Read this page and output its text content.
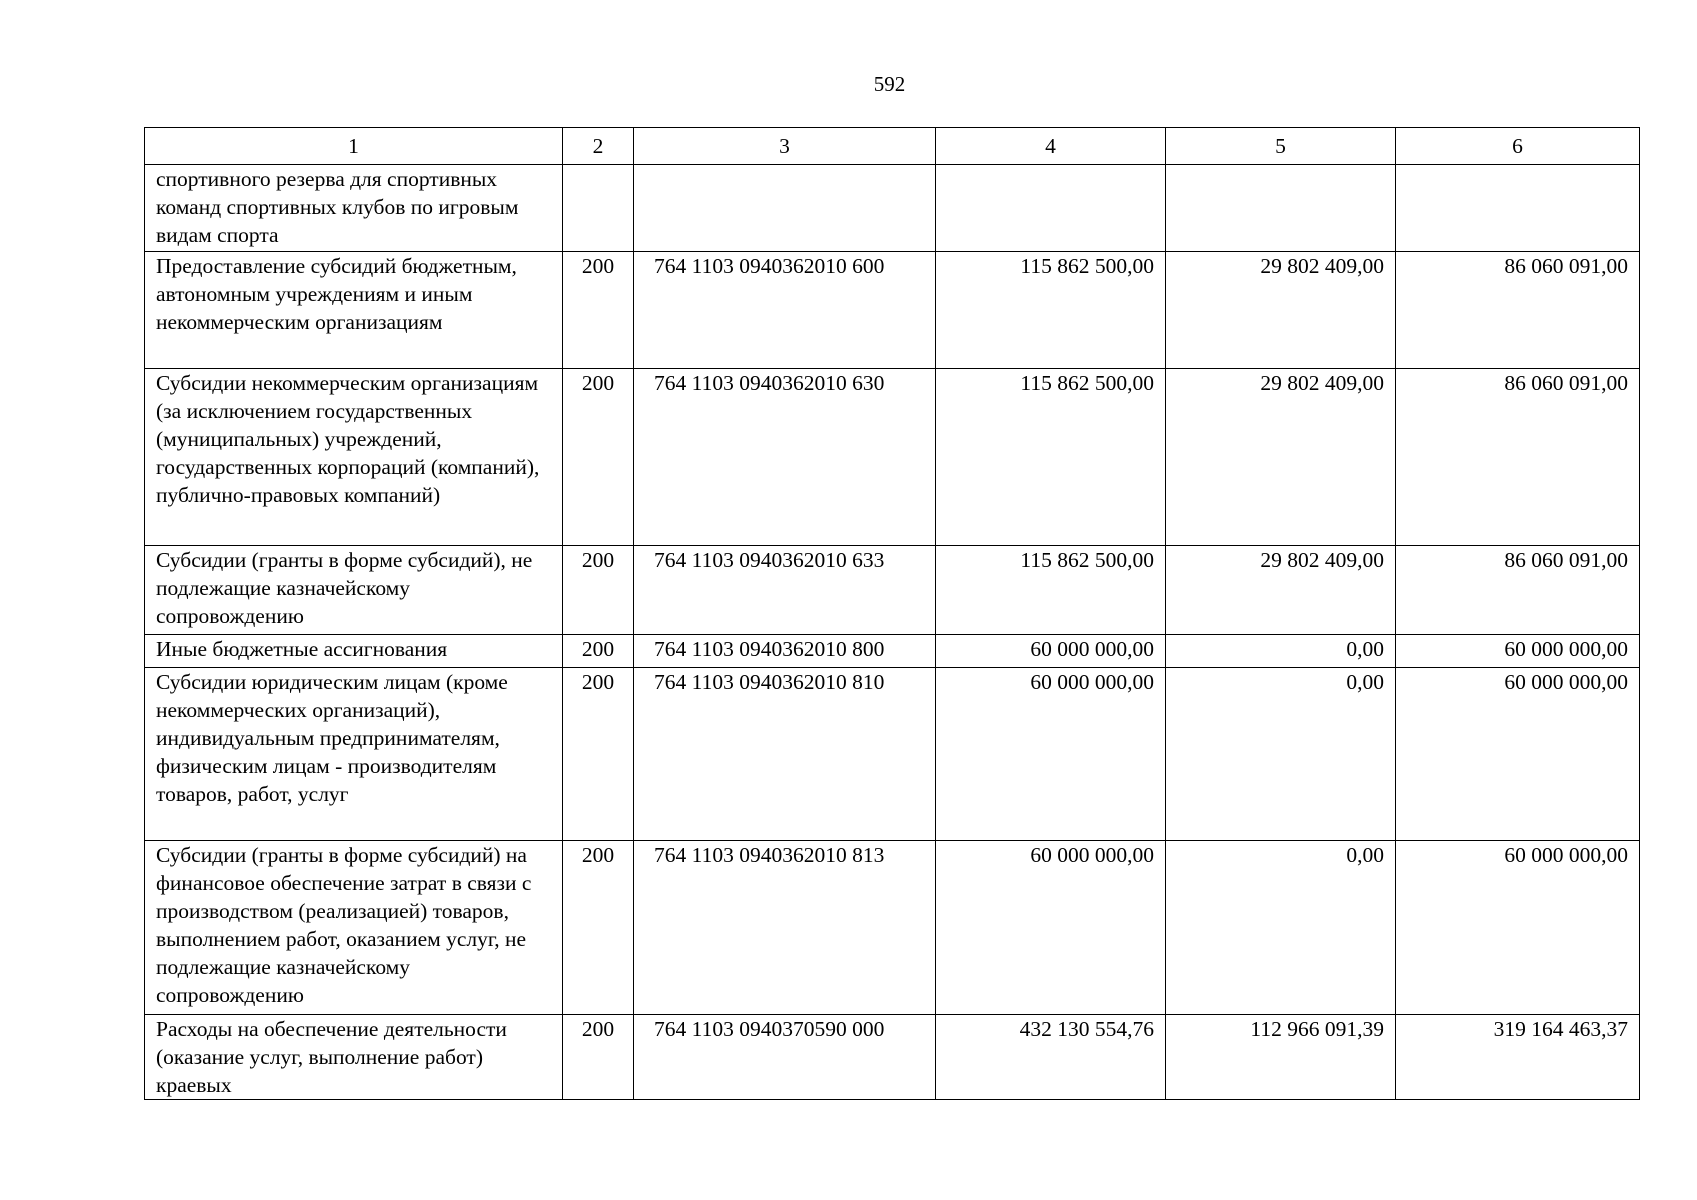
592
1	2	3	4	5	6
спортивного резерва для спортивных команд спортивных клубов по игровым видам спорта					
Предоставление субсидий бюджетным, автономным учреждениям и иным некоммерческим организациям	200	764 1103 0940362010 600	115 862 500,00	29 802 409,00	86 060 091,00
Субсидии некоммерческим организациям (за исключением государственных (муниципальных) учреждений, государственных корпораций (компаний), публично-правовых компаний)	200	764 1103 0940362010 630	115 862 500,00	29 802 409,00	86 060 091,00
Субсидии (гранты в форме субсидий), не подлежащие казначейскому сопровождению	200	764 1103 0940362010 633	115 862 500,00	29 802 409,00	86 060 091,00
Иные бюджетные ассигнования	200	764 1103 0940362010 800	60 000 000,00	0,00	60 000 000,00
Субсидии юридическим лицам (кроме некоммерческих организаций), индивидуальным предпринимателям, физическим лицам - производителям товаров, работ, услуг	200	764 1103 0940362010 810	60 000 000,00	0,00	60 000 000,00
Субсидии (гранты в форме субсидий) на финансовое обеспечение затрат в связи с производством (реализацией) товаров, выполнением работ, оказанием услуг, не подлежащие казначейскому сопровождению	200	764 1103 0940362010 813	60 000 000,00	0,00	60 000 000,00
Расходы на обеспечение деятельности (оказание услуг, выполнение работ) краевых	200	764 1103 0940370590 000	432 130 554,76	112 966 091,39	319 164 463,37
